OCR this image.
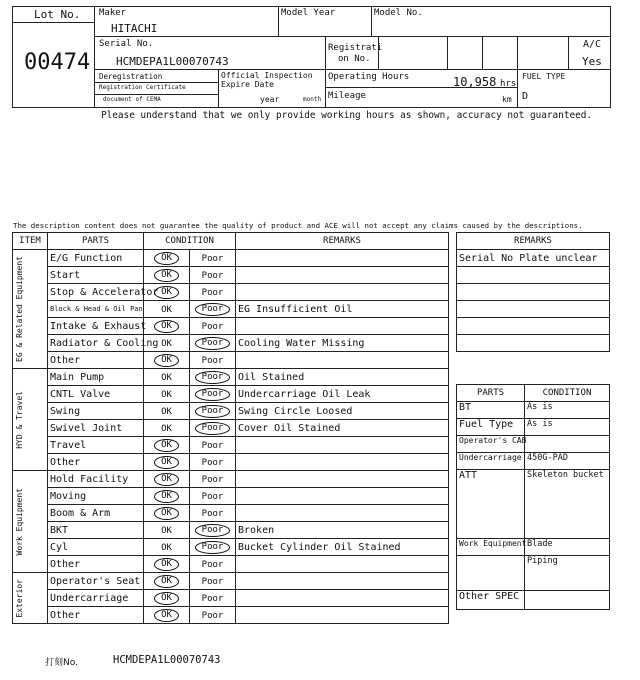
Lot No.
00474
Maker
HITACHI
Model Year	Model No.
Serial No.
HCMDEPA1L00070743
Registrati
on No.
A/C
Yes
Deregistration
Registration Certificate
document of CEMA
Official Inspection
Expire Date
year	month
Operating Hours	10,958 hrs
Mileage	km
FUEL TYPE
D
Please understand that we only provide working hours as shown, accuracy not guaranteed.
The description content does not guarantee the quality of product and ACE will not accept any claims caused by the descriptions.
ITEM	PARTS	CONDITION		REMARKS

EG & Related Equipment	E/G Function	OK	Poor	
	Start	OK	Poor	
	Stop & Accelerator	OK	Poor	
	Block & Head & Oil Pan	OK	Poor	EG Insufficient Oil
	Intake & Exhaust	OK	Poor	
	Radiator & Cooling	OK	Poor	Cooling Water Missing
	Other	OK	Poor	

HYD & Travel	Main Pump	OK	Poor	Oil Stained
	CNTL Valve	OK	Poor	Undercarriage Oil Leak
	Swing	OK	Poor	Swing Circle Loosed
	Swivel Joint	OK	Poor	Cover Oil Stained
	Travel	OK	Poor	
	Other	OK	Poor	

Work Equipment	Hold Facility	OK	Poor	
	Moving	OK	Poor	
	Boom & Arm	OK	Poor	
	BKT	OK	Poor	Broken
	Cyl	OK	Poor	Bucket Cylinder Oil Stained
	Other	OK	Poor	

Exterior	Operator's Seat	OK	Poor	
	Undercarriage	OK	Poor	
	Other	OK	Poor	
REMARKS
Serial No Plate unclear

PARTS	CONDITION
BT	As is
Fuel Type	As is
Operator's CAB	
Undercarriage	450G-PAD
ATT	Skeleton bucket
Work Equipment	Blade
	Piping
Other SPEC	
打刻No.	HCMDEPA1L00070743
